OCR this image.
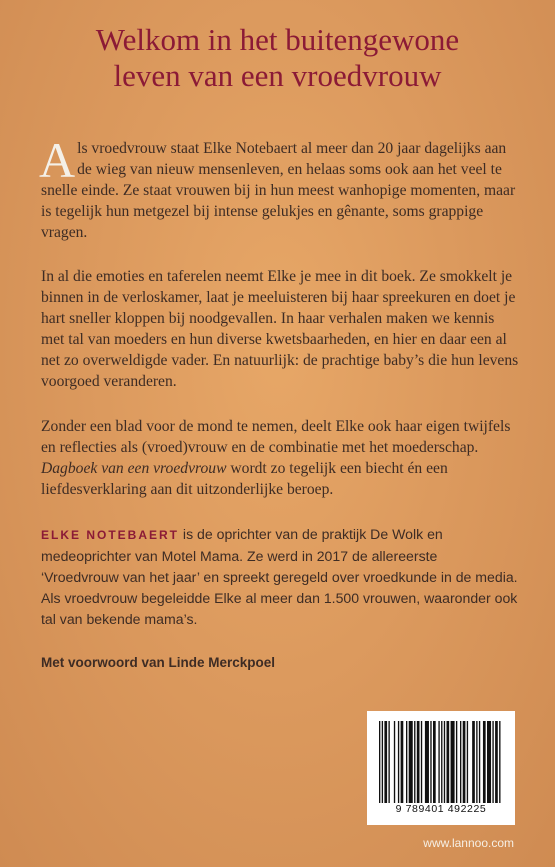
Welkom in het buitengewone
leven van een vroedvrouw
Als vroedvrouw staat Elke Notebaert al meer dan 20 jaar dagelijks aan de wieg van nieuw mensenleven, en helaas soms ook aan het veel te snelle einde. Ze staat vrouwen bij in hun meest wanhopige momenten, maar is tegelijk hun metgezel bij intense gelukjes en gênante, soms grappige vragen.
In al die emoties en taferelen neemt Elke je mee in dit boek. Ze smokkelt je binnen in de verloskamer, laat je meeluisteren bij haar spreekuren en doet je hart sneller kloppen bij noodgevallen. In haar verhalen maken we kennis met tal van moeders en hun diverse kwetsbaarheden, en hier en daar een al net zo overweldigde vader. En natuurlijk: de prachtige baby’s die hun levens voorgoed veranderen.
Zonder een blad voor de mond te nemen, deelt Elke ook haar eigen twijfels en reflecties als (vroed)vrouw en de combinatie met het moederschap. Dagboek van een vroedvrouw wordt zo tegelijk een biecht én een liefdesverklaring aan dit uitzonderlijke beroep.
ELKE NOTEBAERT is de oprichter van de praktijk De Wolk en medeoprichter van Motel Mama. Ze werd in 2017 de allereerste ‘Vroedvrouw van het jaar’ en spreekt geregeld over vroedkunde in de media. Als vroedvrouw begeleidde Elke al meer dan 1.500 vrouwen, waaronder ook tal van bekende mama’s.
Met voorwoord van Linde Merckpoel
9 789401 492225
www.lannoo.com
